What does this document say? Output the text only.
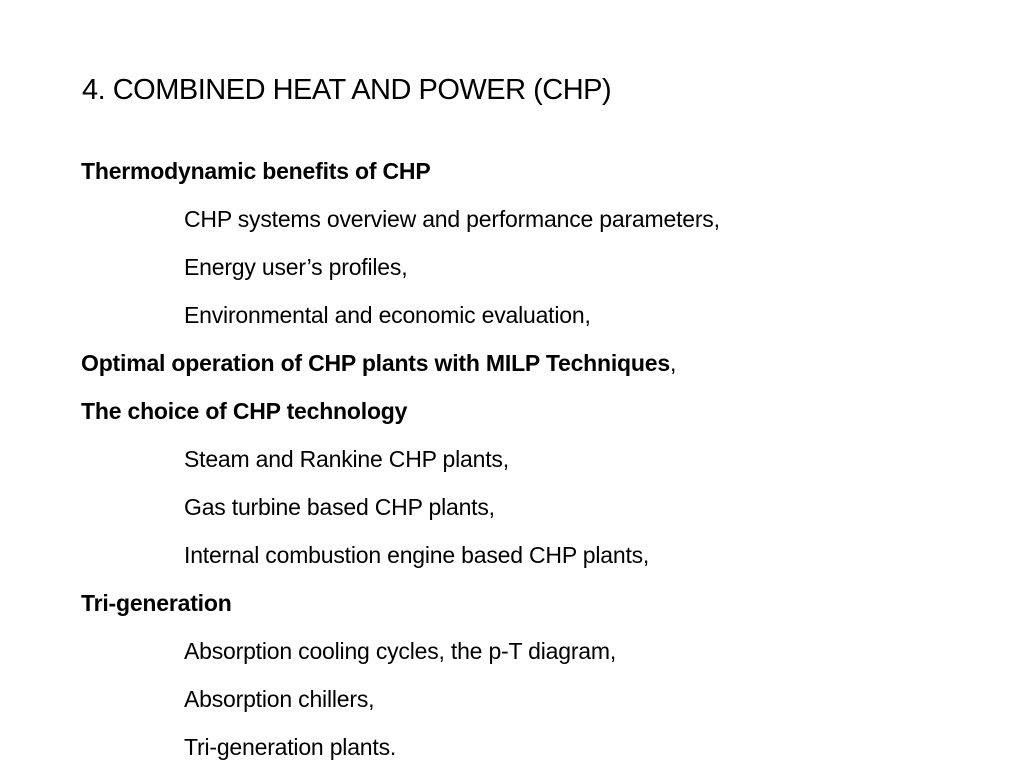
4. COMBINED HEAT AND POWER (CHP)
Thermodynamic benefits of CHP
CHP systems overview and performance parameters,
Energy user’s profiles,
Environmental and economic evaluation,
Optimal operation of CHP plants with MILP Techniques,
The choice of CHP technology
Steam and Rankine CHP plants,
Gas turbine based CHP plants,
Internal combustion engine based CHP plants,
Tri-generation
Absorption cooling cycles, the p-T diagram,
Absorption chillers,
Tri-generation plants.
